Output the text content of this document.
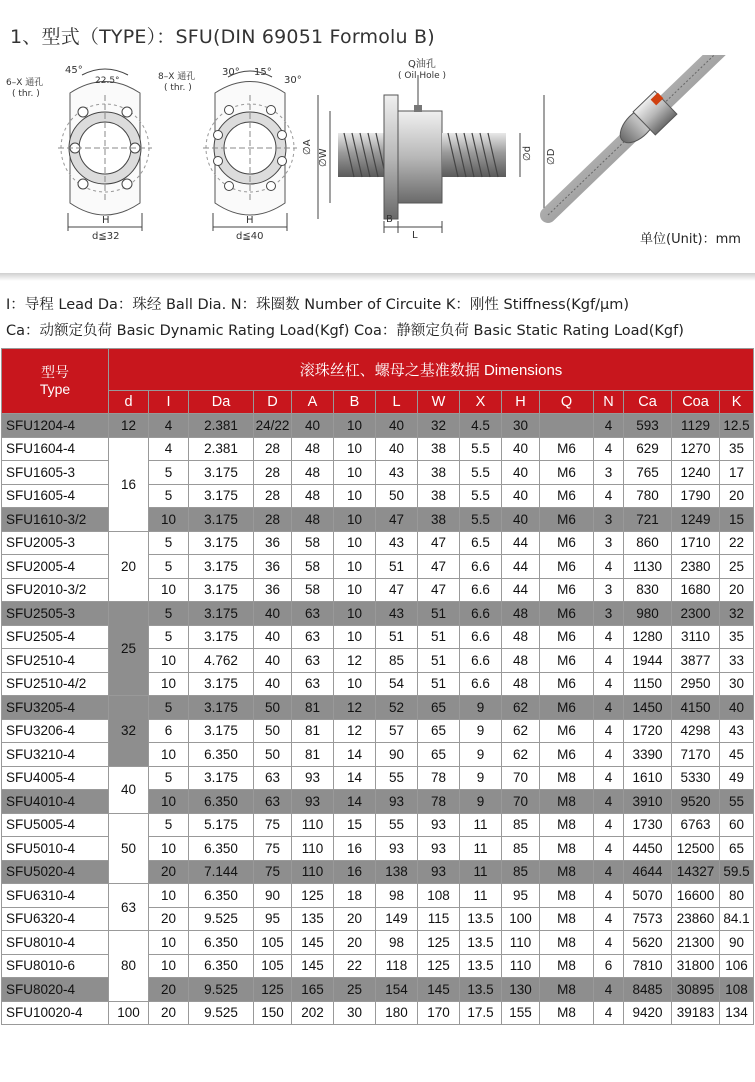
1、型式（TYPE）：SFU(DIN 69051 Formolu B)
45°
22.5°
6–X 通孔
( thr. )
H
d≦32
30° 15°
30°
8–X 通孔
( thr. )
H
d≦40
Q油孔
( Oil Hole )
∅A
∅W	∅d ∅D
B
L	单位(Unit)：mm
I：导程 Lead Da：珠经 Ball Dia. N：珠圈数 Number of Circuite K：刚性 Stiffness(Kgf/μm)
Ca：动额定负荷 Basic Dynamic Rating Load(Kgf) Coa：静额定负荷 Basic Static Rating Load(Kgf)
型号
Type	滚珠丝杠、螺母之基准数据 Dimensions														
	d	I	Da	D	A	B	L	W	X	H	Q	N	Ca	Coa	K
SFU1204-4	12	4	2.381	24/22	40	10	40	32	4.5	30		4	593	1129	12.5
SFU1604-4	16	4	2.381	28	48	10	40	38	5.5	40	M6	4	629	1270	35
SFU1605-3		5	3.175	28	48	10	43	38	5.5	40	M6	3	765	1240	17
SFU1605-4		5	3.175	28	48	10	50	38	5.5	40	M6	4	780	1790	20
SFU1610-3/2		10	3.175	28	48	10	47	38	5.5	40	M6	3	721	1249	15
SFU2005-3	20	5	3.175	36	58	10	43	47	6.5	44	M6	3	860	1710	22
SFU2005-4		5	3.175	36	58	10	51	47	6.6	44	M6	4	1130	2380	25
SFU2010-3/2		10	3.175	36	58	10	47	47	6.6	44	M6	3	830	1680	20
SFU2505-3	25	5	3.175	40	63	10	43	51	6.6	48	M6	3	980	2300	32
SFU2505-4		5	3.175	40	63	10	51	51	6.6	48	M6	4	1280	3110	35
SFU2510-4		10	4.762	40	63	12	85	51	6.6	48	M6	4	1944	3877	33
SFU2510-4/2		10	3.175	40	63	10	54	51	6.6	48	M6	4	1150	2950	30
SFU3205-4	32	5	3.175	50	81	12	52	65	9	62	M6	4	1450	4150	40
SFU3206-4		6	3.175	50	81	12	57	65	9	62	M6	4	1720	4298	43
SFU3210-4		10	6.350	50	81	14	90	65	9	62	M6	4	3390	7170	45
SFU4005-4	40	5	3.175	63	93	14	55	78	9	70	M8	4	1610	5330	49
SFU4010-4		10	6.350	63	93	14	93	78	9	70	M8	4	3910	9520	55
SFU5005-4	50	5	5.175	75	110	15	55	93	11	85	M8	4	1730	6763	60
SFU5010-4		10	6.350	75	110	16	93	93	11	85	M8	4	4450	12500	65
SFU5020-4		20	7.144	75	110	16	138	93	11	85	M8	4	4644	14327	59.5
SFU6310-4	63	10	6.350	90	125	18	98	108	11	95	M8	4	5070	16600	80
SFU6320-4		20	9.525	95	135	20	149	115	13.5	100	M8	4	7573	23860	84.1
SFU8010-4	80	10	6.350	105	145	20	98	125	13.5	110	M8	4	5620	21300	90
SFU8010-6		10	6.350	105	145	22	118	125	13.5	110	M8	6	7810	31800	106
SFU8020-4		20	9.525	125	165	25	154	145	13.5	130	M8	4	8485	30895	108
SFU10020-4	100	20	9.525	150	202	30	180	170	17.5	155	M8	4	9420	39183	134
